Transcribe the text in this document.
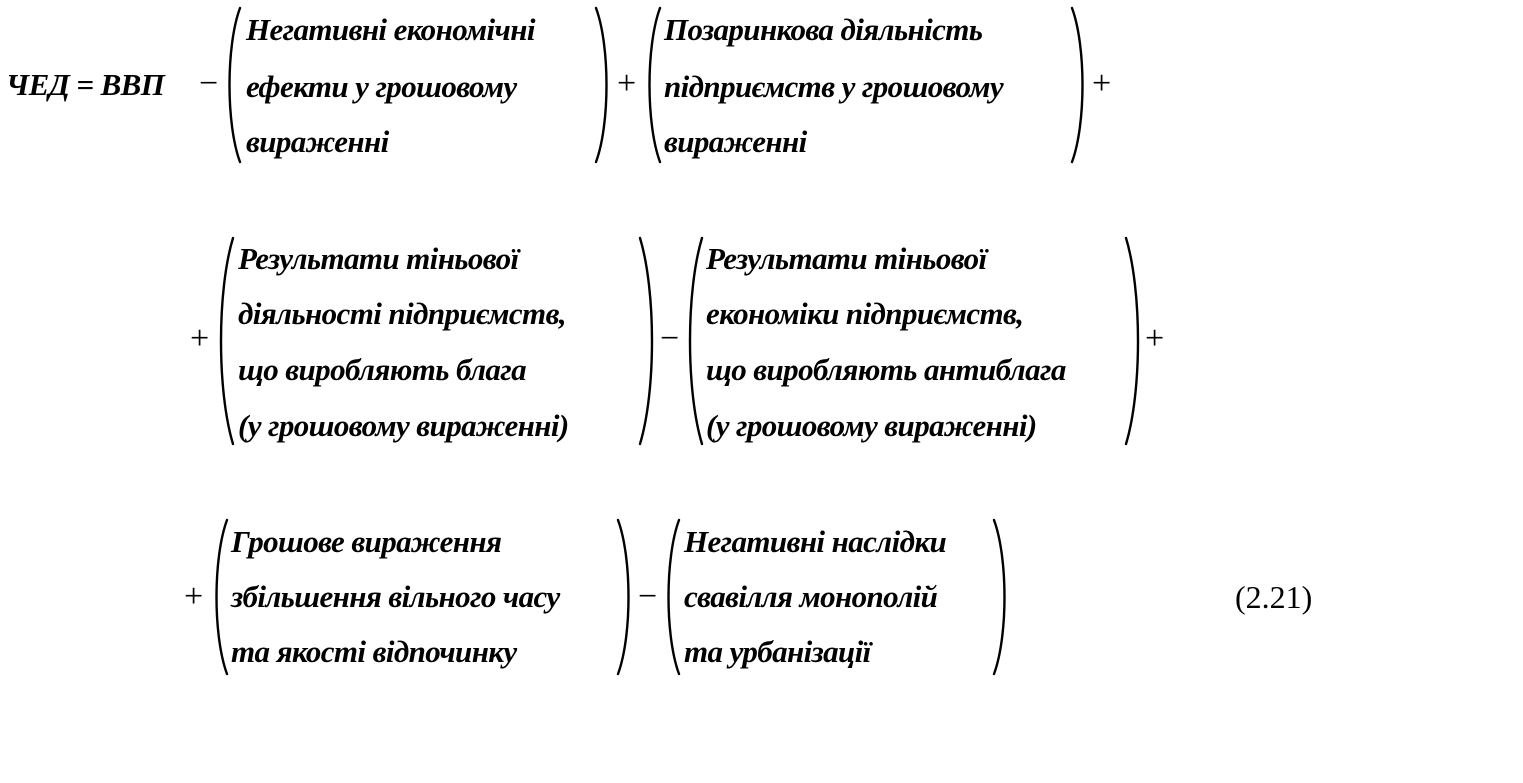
ЧЕД = ВВП −
Негативні економічні
ефекти у грошовому
вираженні
+
Позаринкова діяльність
підприємств у грошовому
вираженні
+
+
Результати тіньової
діяльності підприємств,
що виробляють блага
(у грошовому вираженні)
−
Результати тіньової
економіки підприємств,
що виробляють антиблага
(у грошовому вираженні)
+
+
Грошове вираження
збільшення вільного часу
та якості відпочинку
−
Негативні наслідки
свавілля монополій
та урбанізації
(2.21)
